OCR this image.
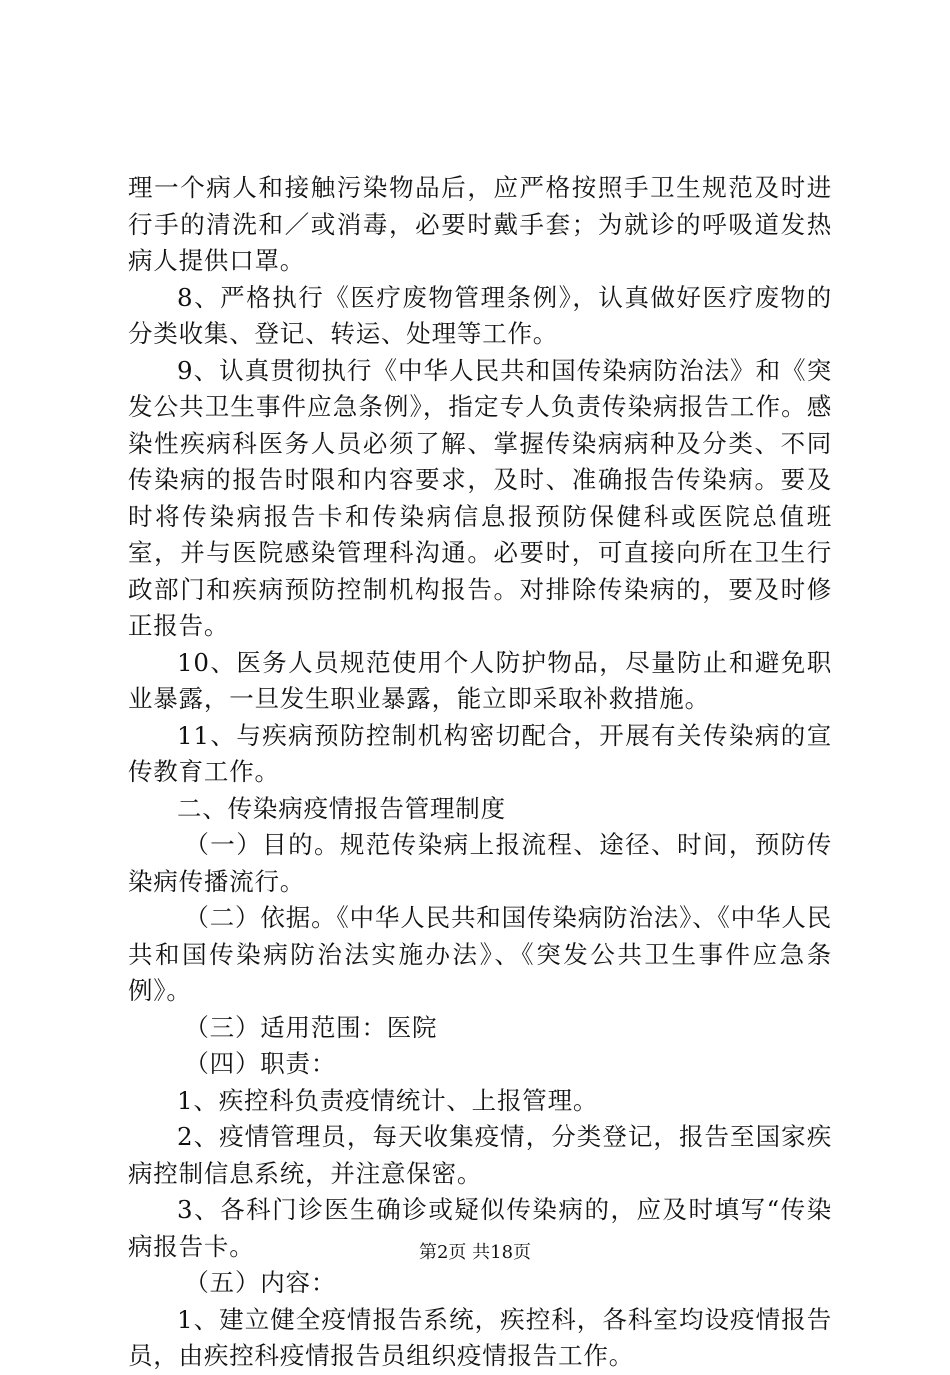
理一个病人和接触污染物品后，应严格按照手卫生规范及时进行手的清洗和／或消毒，必要时戴手套；为就诊的呼吸道发热病人提供口罩。

8、严格执行《医疗废物管理条例》，认真做好医疗废物的分类收集、登记、转运、处理等工作。

9、认真贯彻执行《中华人民共和国传染病防治法》和《突发公共卫生事件应急条例》，指定专人负责传染病报告工作。感染性疾病科医务人员必须了解、掌握传染病病种及分类、不同传染病的报告时限和内容要求，及时、准确报告传染病。要及时将传染病报告卡和传染病信息报预防保健科或医院总值班室，并与医院感染管理科沟通。必要时，可直接向所在卫生行政部门和疾病预防控制机构报告。对排除传染病的，要及时修正报告。

10、医务人员规范使用个人防护物品，尽量防止和避免职业暴露，一旦发生职业暴露，能立即采取补救措施。

11、与疾病预防控制机构密切配合，开展有关传染病的宣传教育工作。

二、传染病疫情报告管理制度

（一）目的。规范传染病上报流程、途径、时间，预防传染病传播流行。

（二）依据。《中华人民共和国传染病防治法》、《中华人民共和国传染病防治法实施办法》、《突发公共卫生事件应急条例》。

（三）适用范围：医院

（四）职责：

1、疾控科负责疫情统计、上报管理。

2、疫情管理员，每天收集疫情，分类登记，报告至国家疾病控制信息系统，并注意保密。

3、各科门诊医生确诊或疑似传染病的，应及时填写“传染病报告卡。

（五）内容：

1、建立健全疫情报告系统，疾控科，各科室均设疫情报告员，由疾控科疫情报告员组织疫情报告工作。

第2页 共18页
